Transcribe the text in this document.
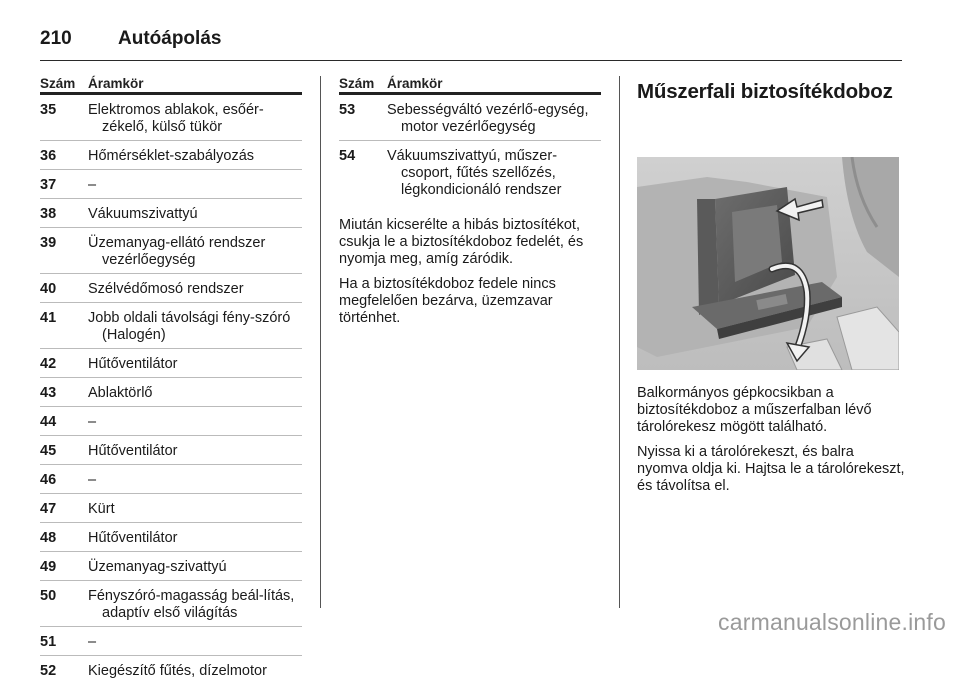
210	Autóápolás
Szám Áramkör
35	Elektromos ablakok, esőér-zékelő, külső tükör
36	Hőmérséklet-szabályozás
37	–
38	Vákuumszivattyú
39	Üzemanyag-ellátó rendszer vezérlőegység
40	Szélvédőmosó rendszer
41	Jobb oldali távolsági fény-szóró (Halogén)
42	Hűtőventilátor
43	Ablaktörlő
44	–
45	Hűtőventilátor
46	–
47	Kürt
48	Hűtőventilátor
49	Üzemanyag-szivattyú
50	Fényszóró-magasság beál-lítás, adaptív első világítás
51	–
52	Kiegészítő fűtés, dízelmotor
Szám Áramkör
53	Sebességváltó vezérlő-egység, motor vezérlőegység
54	Vákuumszivattyú, műszer-csoport, fűtés szellőzés, légkondicionáló rendszer

Miután kicserélte a hibás biztosítékot, csukja le a biztosítékdoboz fedelét, és nyomja meg, amíg záródik.

Ha a biztosítékdoboz fedele nincs megfelelően bezárva, üzemzavar történhet.

Műszerfali biztosítékdoboz

Balkormányos gépkocsikban a biztosítékdoboz a műszerfalban lévő tárolórekesz mögött található.

Nyissa ki a tárolórekeszt, és balra nyomva oldja ki. Hajtsa le a tárolórekeszt, és távolítsa el.

carmanualsonline.info
